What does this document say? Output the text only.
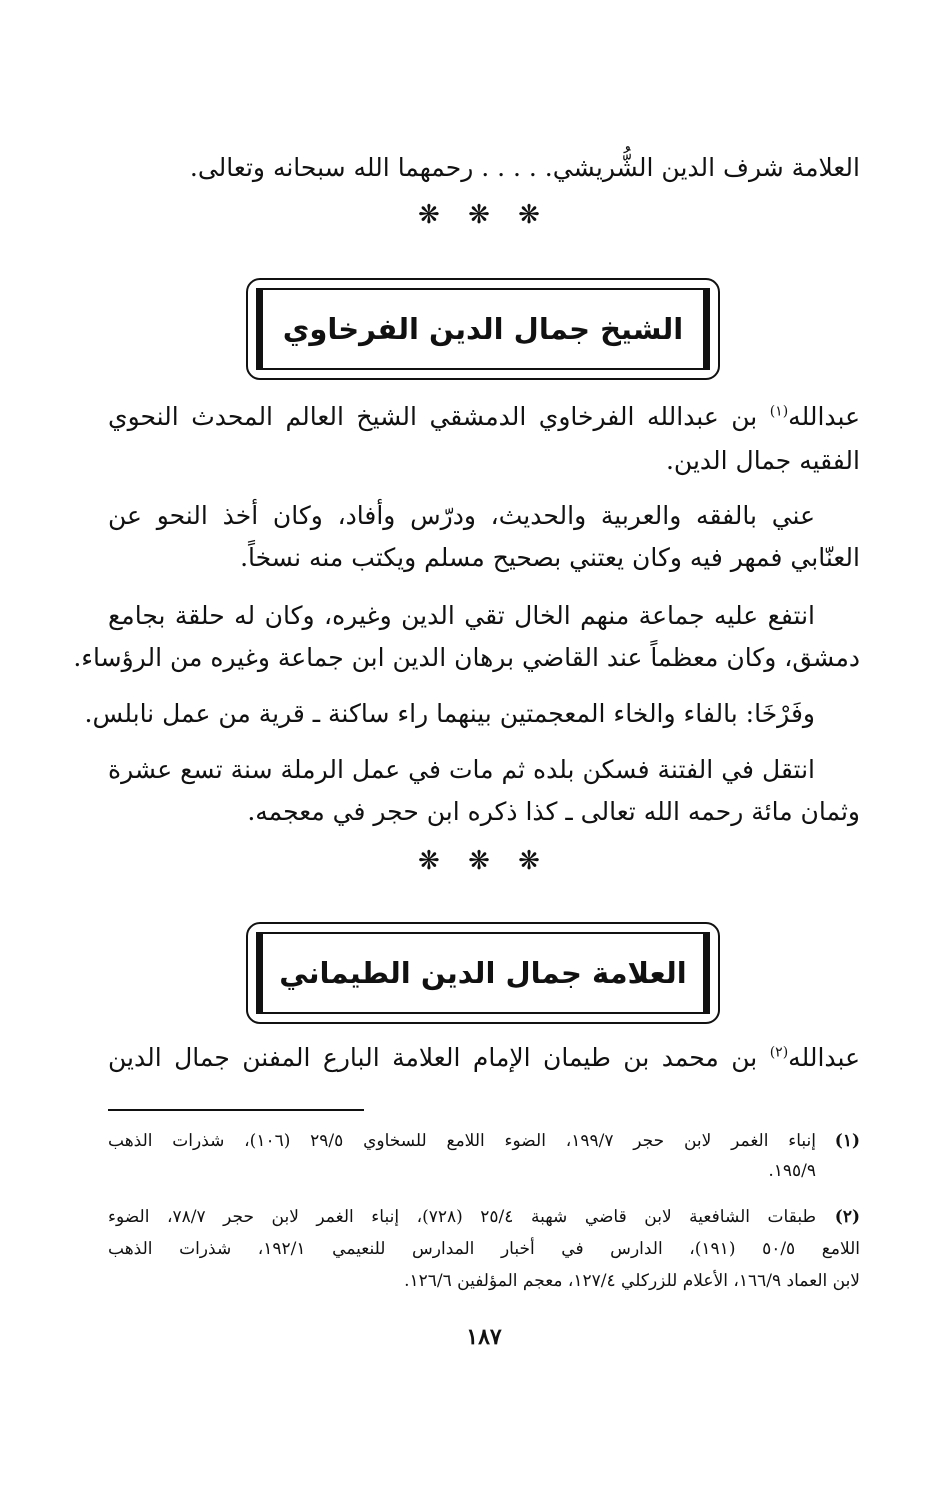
العلامة شرف الدين الشُّريشي. . . . . رحمهما الله سبحانه وتعالى.
❋ ❋ ❋
الشيخ جمال الدين الفرخاوي
عبدالله$^{(١)}$ بن عبدالله الفرخاوي الدمشقي الشيخ العالم المحدث النحوي
الفقيه جمال الدين.
عني بالفقه والعربية والحديث، ودرّس وأفاد، وكان أخذ النحو عن
العنّابي فمهر فيه وكان يعتني بصحيح مسلم ويكتب منه نسخاً.
انتفع عليه جماعة منهم الخال تقي الدين وغيره، وكان له حلقة بجامع
دمشق، وكان معظماً عند القاضي برهان الدين ابن جماعة وغيره من الرؤساء.
وفَرْخَا: بالفاء والخاء المعجمتين بينهما راء ساكنة ـ قرية من عمل نابلس.
انتقل في الفتنة فسكن بلده ثم مات في عمل الرملة سنة تسع عشرة
وثمان مائة رحمه الله تعالى ـ كذا ذكره ابن حجر في معجمه.
❋ ❋ ❋
العلامة جمال الدين الطيماني
عبدالله$^{(٢)}$ بن محمد بن طيمان الإمام العلامة البارع المفنن جمال الدين
(١)
إنباء الغمر لابن حجر ١٩٩/٧، الضوء اللامع للسخاوي ٢٩/٥ (١٠٦)، شذرات الذهب
١٩٥/٩.
(٢)
طبقات الشافعية لابن قاضي شهبة ٢٥/٤ (٧٢٨)، إنباء الغمر لابن حجر ٧٨/٧، الضوء
اللامع ٥٠/٥ (١٩١)، الدارس في أخبار المدارس للنعيمي ١٩٢/١، شذرات الذهب
لابن العماد ١٦٦/٩، الأعلام للزركلي ١٢٧/٤، معجم المؤلفين ١٢٦/٦.
١٨٧
